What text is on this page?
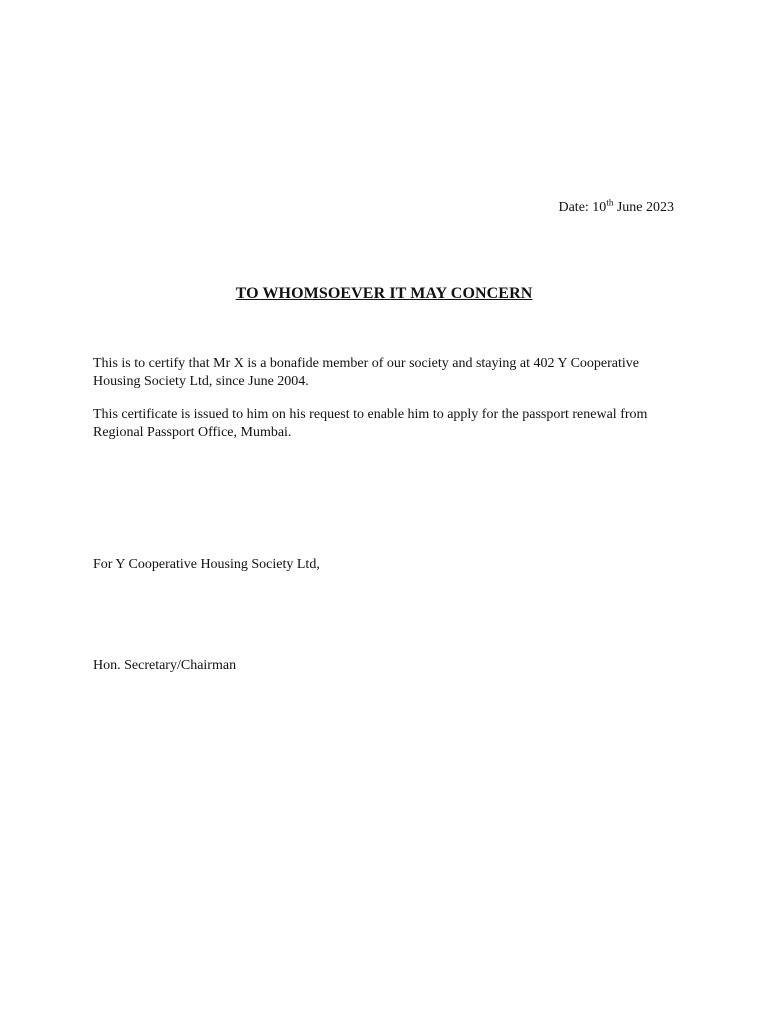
Date: 10th June 2023
TO WHOMSOEVER IT MAY CONCERN
This is to certify that Mr X is a bonafide member of our society and staying at 402 Y Cooperative Housing Society Ltd, since June 2004.
This certificate is issued to him on his request to enable him to apply for the passport renewal from Regional Passport Office, Mumbai.
For Y Cooperative Housing Society Ltd,
Hon. Secretary/Chairman
